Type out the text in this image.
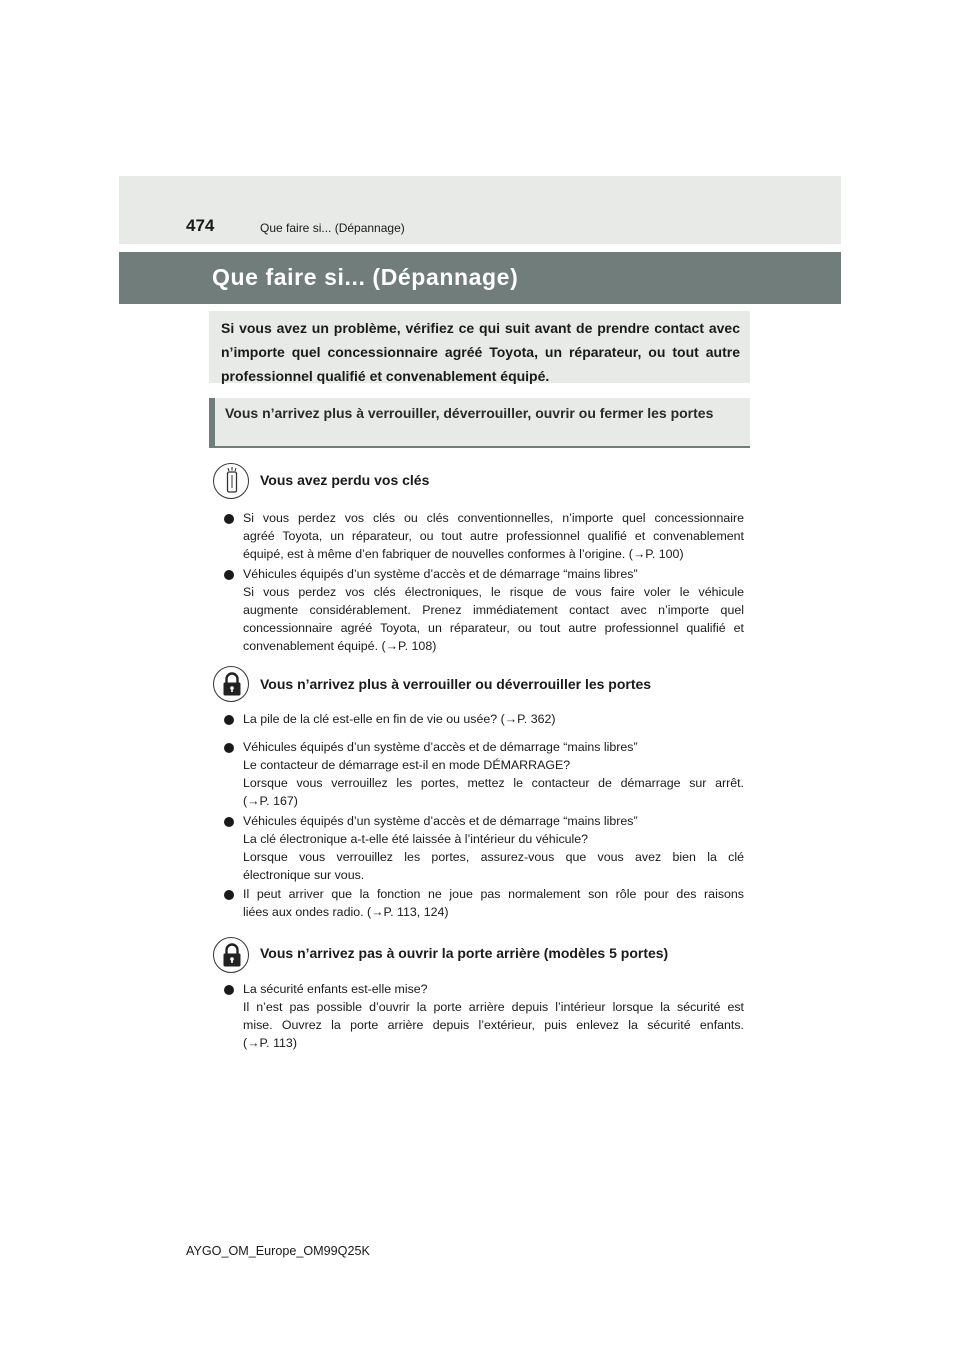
474	Que faire si... (Dépannage)
Que faire si... (Dépannage)
Si vous avez un problème, vérifiez ce qui suit avant de prendre contact avec n’importe quel concessionnaire agréé Toyota, un réparateur, ou tout autre professionnel qualifié et convenablement équipé.
Vous n’arrivez plus à verrouiller, déverrouiller, ouvrir ou fermer les portes
Vous avez perdu vos clés
Si vous perdez vos clés ou clés conventionnelles, n’importe quel concessionnaire
agréé Toyota, un réparateur, ou tout autre professionnel qualifié et convenablement
équipé, est à même d’en fabriquer de nouvelles conformes à l’origine. (→P. 100)
Véhicules équipés d’un système d’accès et de démarrage “mains libres”
Si vous perdez vos clés électroniques, le risque de vous faire voler le véhicule
augmente considérablement. Prenez immédiatement contact avec n’importe quel
concessionnaire agréé Toyota, un réparateur, ou tout autre professionnel qualifié et
convenablement équipé. (→P. 108)
Vous n’arrivez plus à verrouiller ou déverrouiller les portes
La pile de la clé est-elle en fin de vie ou usée? (→P. 362)
Véhicules équipés d’un système d’accès et de démarrage “mains libres”
Le contacteur de démarrage est-il en mode DÉMARRAGE?
Lorsque vous verrouillez les portes, mettez le contacteur de démarrage sur arrêt.
(→P. 167)
Véhicules équipés d’un système d’accès et de démarrage “mains libres”
La clé électronique a-t-elle été laissée à l’intérieur du véhicule?
Lorsque vous verrouillez les portes, assurez-vous que vous avez bien la clé
électronique sur vous.
Il peut arriver que la fonction ne joue pas normalement son rôle pour des raisons
liées aux ondes radio. (→P. 113, 124)
Vous n’arrivez pas à ouvrir la porte arrière (modèles 5 portes)
La sécurité enfants est-elle mise?
Il n’est pas possible d’ouvrir la porte arrière depuis l’intérieur lorsque la sécurité est
mise. Ouvrez la porte arrière depuis l’extérieur, puis enlevez la sécurité enfants.
(→P. 113)
AYGO_OM_Europe_OM99Q25K
